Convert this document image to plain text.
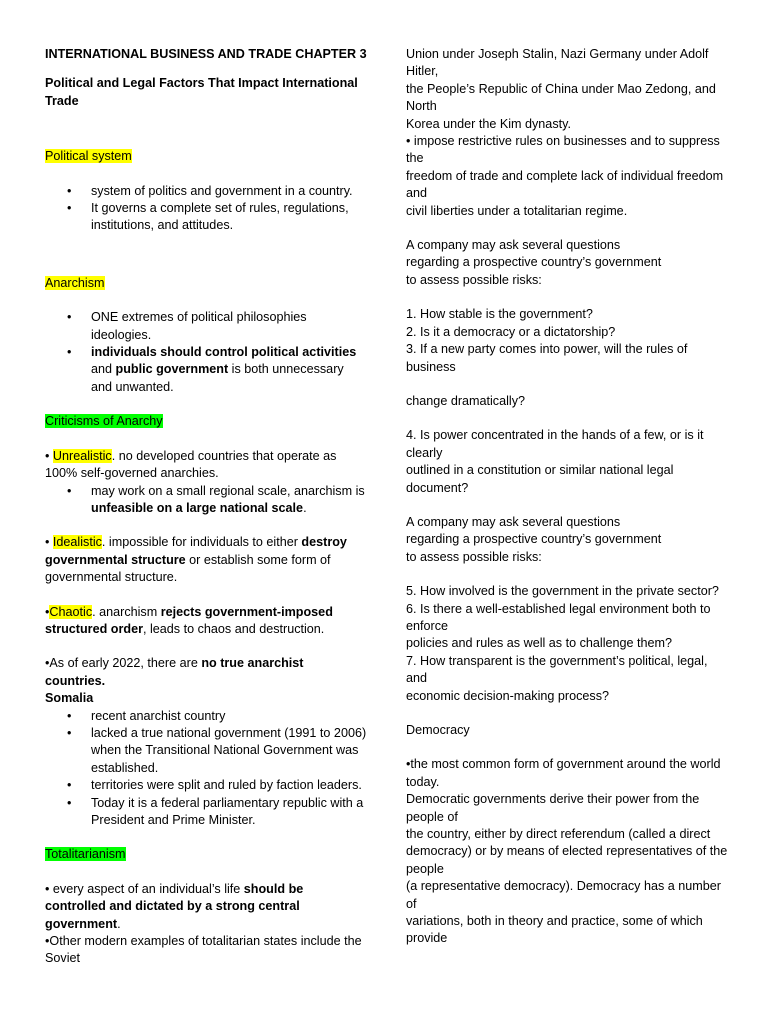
INTERNATIONAL BUSINESS AND TRADE CHAPTER 3

Political and Legal Factors That Impact International Trade

Political system

• system of politics and government in a country.
• It governs a complete set of rules, regulations, institutions, and attitudes.

Anarchism

• ONE extremes of political philosophies ideologies.
• individuals should control political activities and public government is both unnecessary and unwanted.

Criticisms of Anarchy

• Unrealistic. no developed countries that operate as 100% self-governed anarchies.

• may work on a small regional scale, anarchism is unfeasible on a large national scale.

• Idealistic. impossible for individuals to either destroy governmental structure or establish some form of governmental structure.

•Chaotic. anarchism rejects government-imposed structured order, leads to chaos and destruction.

•As of early 2022, there are no true anarchist countries.

Somalia

• recent anarchist country
• lacked a true national government (1991 to 2006) when the Transitional National Government was established.
• territories were split and ruled by faction leaders.
• Today it is a federal parliamentary republic with a President and Prime Minister.

Totalitarianism

• every aspect of an individual’s life should be controlled and dictated by a strong central government.

•Other modern examples of totalitarian states include the Soviet

Union under Joseph Stalin, Nazi Germany under Adolf Hitler,

the People’s Republic of China under Mao Zedong, and North

Korea under the Kim dynasty.

• impose restrictive rules on businesses and to suppress the

freedom of trade and complete lack of individual freedom and

civil liberties under a totalitarian regime.

A company may ask several questions

regarding a prospective country’s government

to assess possible risks:

1. How stable is the government?

2. Is it a democracy or a dictatorship?

3. If a new party comes into power, will the rules of business

change dramatically?

4. Is power concentrated in the hands of a few, or is it clearly

outlined in a constitution or similar national legal document?

A company may ask several questions

regarding a prospective country’s government

to assess possible risks:

5. How involved is the government in the private sector?

6. Is there a well-established legal environment both to enforce

policies and rules as well as to challenge them?

7. How transparent is the government’s political, legal, and

economic decision-making process?

Democracy

•the most common form of government around the world today.

Democratic governments derive their power from the people of

the country, either by direct referendum (called a direct

democracy) or by means of elected representatives of the people

(a representative democracy). Democracy has a number of

variations, both in theory and practice, some of which provide
